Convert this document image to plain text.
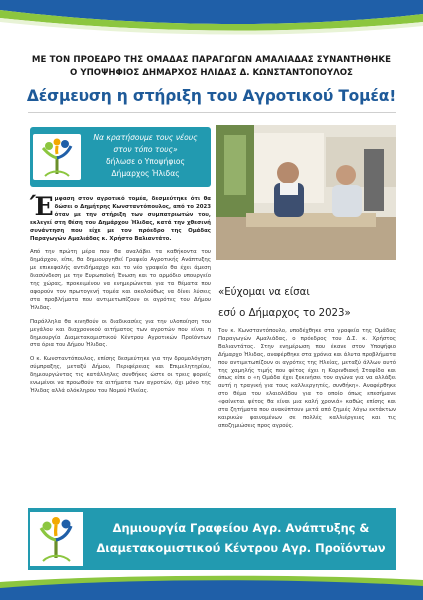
ΜΕ ΤΟΝ ΠΡΟΕΔΡΟ ΤΗΣ ΟΜΑΔΑΣ ΠΑΡΑΓΩΓΩΝ ΑΜΑΛΙΑΔΑΣ ΣΥΝΑΝΤΗΘΗΚΕ
Ο ΥΠΟΨΗΦΙΟΣ ΔΗΜΑΡΧΟΣ ΗΛΙΔΑΣ Δ. ΚΩΝΣΤΑΝΤΟΠΟΥΛΟΣ
Δέσμευση η στήριξη του Αγροτικού Τομέα!
Να κρατήσουμε τους νέους
στον τόπο τους»
δήλωσε ο Υποψήφιος
Δήμαρχος Ήλιδας

Έμφαση στον αγροτικό τομέα, δεσμεύτηκε ότι θα δώσει ο Δημήτρης Κωνσταντόπουλος, από το 2023 όταν με την στήριξη των συμπατριωτών του, εκλεγεί στη θέση του Δημάρχου Ήλιδας, κατά την χθεσινή συνάντηση που είχε με τον πρόεδρο της Ομάδας Παραγωγών Αμαλιάδας κ. Χρήστο Βαλιαντάτο.

Από την πρώτη μέρα που θα αναλάβει τα καθήκοντα του δημάρχου, είπε, θα δημιουργηθεί Γραφείο Αγροτικής Ανάπτυξης με επικεφαλής αντιδήμαρχο και το νέο γραφείο θα έχει άμεση διασύνδεση με την Ευρωπαϊκή Ένωση και το αρμόδιο υπουργείο της χώρας, προκειμένου να ενημερώνεται για τα θέματα που αφορούν τον πρωτογενή τομέα και ακολούθως να δίνει λύσεις στα προβλήματα που αντιμετωπίζουν οι αγρότες του Δήμου Ήλιδας.

Παράλληλα θα κινηθούν οι διαδικασίες για την υλοποίηση του μεγάλου και διαχρονικού αιτήματος των αγροτών που είναι η δημιουργία Διαμετακομιστικού Κέντρου Αγροτικών Προϊόντων στα όρια του Δήμου Ήλιδας.

Ο κ. Κωνσταντόπουλος, επίσης δεσμεύτηκε για την δρομολόγηση σύμπραξης, μεταξύ Δήμου, Περιφέρειας και Επιμελητηρίου, δημιουργώντας τις κατάλληλες συνθήκες ώστε οι τρεις φορείς ενωμένοι να προωθούν τα αιτήματα των αγροτών, όχι μόνο της Ήλιδας αλλά ολόκληρου του Νομού Ηλείας.

«Εύχομαι να είσαι
εσύ ο Δήμαρχος το 2023»
Τον κ. Κωνσταντόπουλο, υποδέχθηκε στα γραφεία της Ομάδας Παραγωγών Αμαλιάδας, ο πρόεδρος του Δ.Σ. κ. Χρήστος Βαλιαντάτος. Στην ενημέρωση που έκανε στον Υποψήφιο Δήμαρχο Ήλιδας, αναφέρθηκε στα χρόνια και άλυτα προβλήματα που αντιμετωπίζουν οι αγρότες της Ηλείας, μεταξύ άλλων αυτό της χαμηλής τιμής που φέτος έχει η Κορινθιακή Σταφίδα και όπως είπε ο «η Ομάδα έχει ξεκινήσει τον αγώνα για να αλλάξει αυτή η τραγική για τους καλλιεργητές, συνθήκη». Αναφέρθηκε στο θέμα του ελαιολάδου για το οποίο όπως επεσήμανε «φαίνεται φέτος θα είναι μια καλή χρονιά» καθώς επίσης και στα ζητήματα που ανακύπτουν μετά από ζημιές λόγω εκτάκτων καιρικών φαινομένων σε πολλές καλλιέργειες και τις αποζημιώσεις προς αγρούς.
Δημιουργία Γραφείου Αγρ. Ανάπτυξης &
Διαμετακομιστικού Κέντρου Αγρ. Προϊόντων
